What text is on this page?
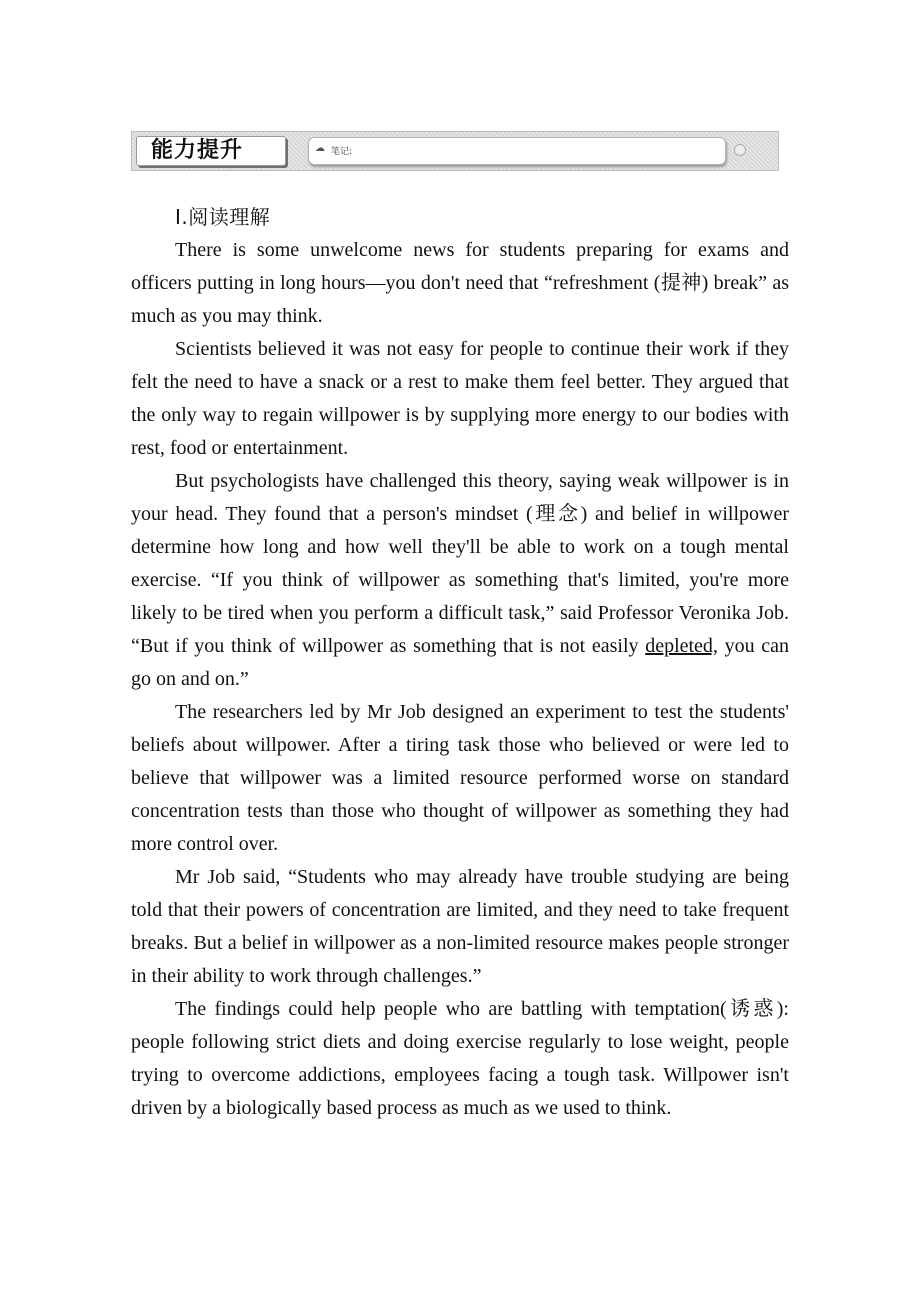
能力提升	☁ 笔记:
Ⅰ.阅读理解

There is some unwelcome news for students preparing for exams and officers putting in long hours—you don't need that “refreshment (提神) break” as much as you may think.

Scientists believed it was not easy for people to continue their work if they felt the need to have a snack or a rest to make them feel better. They argued that the only way to regain willpower is by supplying more energy to our bodies with rest, food or entertainment.

But psychologists have challenged this theory, saying weak willpower is in your head. They found that a person's mindset (理念) and belief in willpower determine how long and how well they'll be able to work on a tough mental exercise. “If you think of willpower as something that's limited, you're more likely to be tired when you perform a difficult task,” said Professor Veronika Job. “But if you think of willpower as something that is not easily depleted, you can go on and on.”

The researchers led by Mr Job designed an experiment to test the students' beliefs about willpower. After a tiring task those who believed or were led to believe that willpower was a limited resource performed worse on standard concentration tests than those who thought of willpower as something they had more control over.

Mr Job said, “Students who may already have trouble studying are being told that their powers of concentration are limited, and they need to take frequent breaks. But a belief in willpower as a non-limited resource makes people stronger in their ability to work through challenges.”

The findings could help people who are battling with temptation(诱惑): people following strict diets and doing exercise regularly to lose weight, people trying to overcome addictions, employees facing a tough task. Willpower isn't driven by a biologically based process as much as we used to think.
